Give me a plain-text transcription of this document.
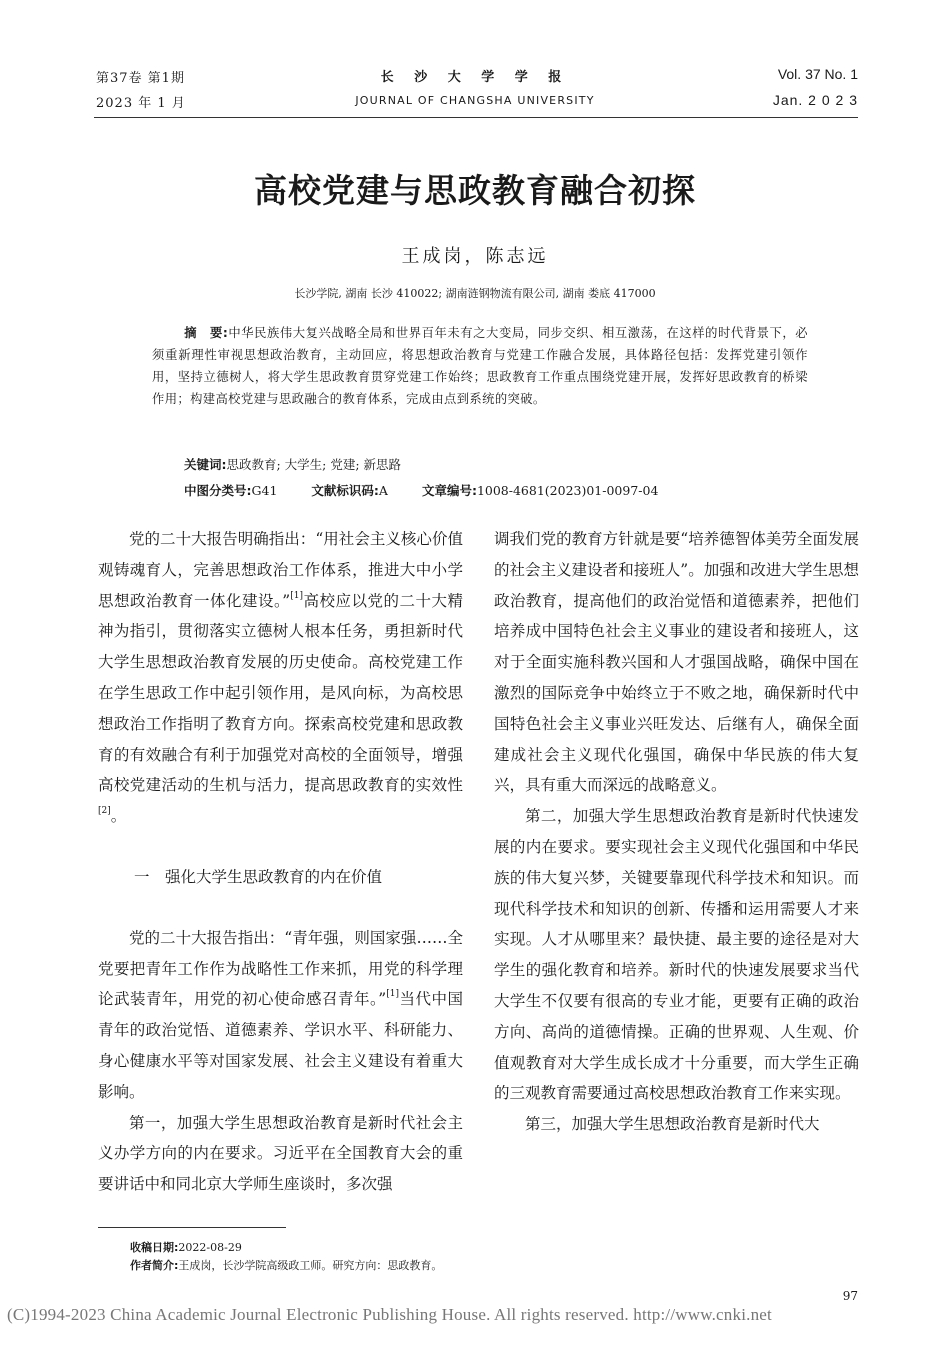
第37卷 第1期
2023 年 1 月
长 沙 大 学 学 报
JOURNAL OF CHANGSHA UNIVERSITY
Vol. 37 No. 1
Jan. 2 0 2 3
高校党建与思政教育融合初探
王成岗，陈志远
长沙学院, 湖南 长沙 410022; 湖南涟钢物流有限公司, 湖南 娄底 417000
摘　要:中华民族伟大复兴战略全局和世界百年未有之大变局，同步交织、相互激荡，在这样的时代背景下，必须重新理性审视思想政治教育，主动回应，将思想政治教育与党建工作融合发展，具体路径包括：发挥党建引领作用，坚持立德树人，将大学生思政教育贯穿党建工作始终；思政教育工作重点围绕党建开展，发挥好思政教育的桥梁作用；构建高校党建与思政融合的教育体系，完成由点到系统的突破。
关键词:思政教育; 大学生; 党建; 新思路
中图分类号:G41	文献标识码:A	文章编号:1008-4681(2023)01-0097-04

党的二十大报告明确指出：“用社会主义核心价值观铸魂育人，完善思想政治工作体系，推进大中小学思想政治教育一体化建设。”[1]高校应以党的二十大精神为指引，贯彻落实立德树人根本任务，勇担新时代大学生思想政治教育发展的历史使命。高校党建工作在学生思政工作中起引领作用，是风向标，为高校思想政治工作指明了教育方向。探索高校党建和思政教育的有效融合有利于加强党对高校的全面领导，增强高校党建活动的生机与活力，提高思政教育的实效性[2]。

一　强化大学生思政教育的内在价值

党的二十大报告指出：“青年强，则国家强……全党要把青年工作作为战略性工作来抓，用党的科学理论武装青年，用党的初心使命感召青年。”[1]当代中国青年的政治觉悟、道德素养、学识水平、科研能力、身心健康水平等对国家发展、社会主义建设有着重大影响。

第一，加强大学生思想政治教育是新时代社会主义办学方向的内在要求。习近平在全国教育大会的重要讲话中和同北京大学师生座谈时，多次强

调我们党的教育方针就是要“培养德智体美劳全面发展的社会主义建设者和接班人”。加强和改进大学生思想政治教育，提高他们的政治觉悟和道德素养，把他们培养成中国特色社会主义事业的建设者和接班人，这对于全面实施科教兴国和人才强国战略，确保中国在激烈的国际竞争中始终立于不败之地，确保新时代中国特色社会主义事业兴旺发达、后继有人，确保全面建成社会主义现代化强国，确保中华民族的伟大复兴，具有重大而深远的战略意义。

第二，加强大学生思想政治教育是新时代快速发展的内在要求。要实现社会主义现代化强国和中华民族的伟大复兴梦，关键要靠现代科学技术和知识。而现代科学技术和知识的创新、传播和运用需要人才来实现。人才从哪里来？最快捷、最主要的途径是对大学生的强化教育和培养。新时代的快速发展要求当代大学生不仅要有很高的专业才能，更要有正确的政治方向、高尚的道德情操。正确的世界观、人生观、价值观教育对大学生成长成才十分重要，而大学生正确的三观教育需要通过高校思想政治教育工作来实现。

第三，加强大学生思想政治教育是新时代大

收稿日期:2022-08-29
作者简介:王成岗，长沙学院高级政工师。研究方向：思政教育。
97
(C)1994-2023 China Academic Journal Electronic Publishing House. All rights reserved. http://www.cnki.net
